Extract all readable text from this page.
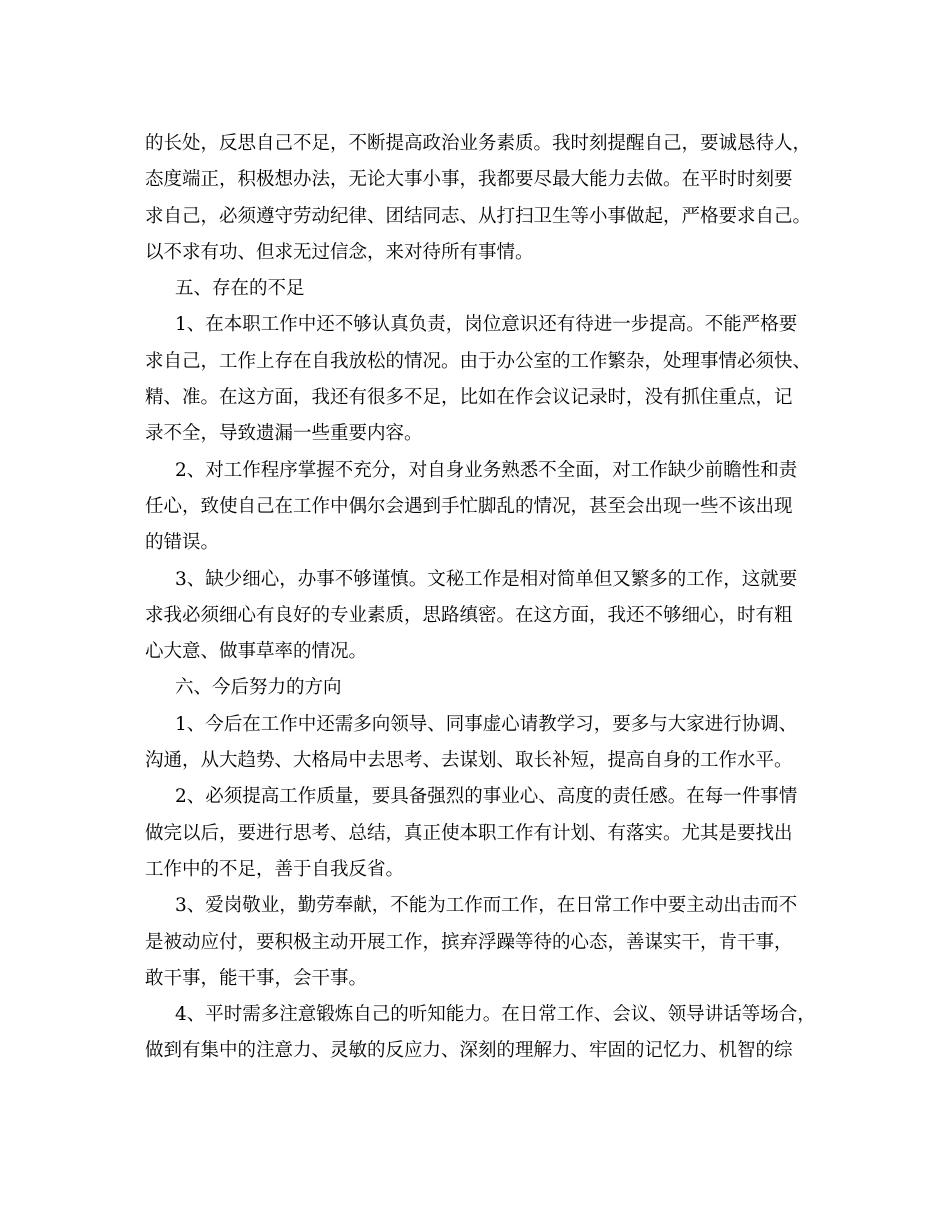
的长处，反思自己不足，不断提高政治业务素质。我时刻提醒自己，要诚恳待人，
态度端正，积极想办法，无论大事小事，我都要尽最大能力去做。在平时时刻要
求自己，必须遵守劳动纪律、团结同志、从打扫卫生等小事做起，严格要求自己。
以不求有功、但求无过信念，来对待所有事情。
五、存在的不足
1、在本职工作中还不够认真负责，岗位意识还有待进一步提高。不能严格要
求自己，工作上存在自我放松的情况。由于办公室的工作繁杂，处理事情必须快、
精、准。在这方面，我还有很多不足，比如在作会议记录时，没有抓住重点，记
录不全，导致遗漏一些重要内容。
2、对工作程序掌握不充分，对自身业务熟悉不全面，对工作缺少前瞻性和责
任心，致使自己在工作中偶尔会遇到手忙脚乱的情况，甚至会出现一些不该出现
的错误。
3、缺少细心，办事不够谨慎。文秘工作是相对简单但又繁多的工作，这就要
求我必须细心有良好的专业素质，思路缜密。在这方面，我还不够细心，时有粗
心大意、做事草率的情况。
六、今后努力的方向
1、今后在工作中还需多向领导、同事虚心请教学习，要多与大家进行协调、
沟通，从大趋势、大格局中去思考、去谋划、取长补短，提高自身的工作水平。
2、必须提高工作质量，要具备强烈的事业心、高度的责任感。在每一件事情
做完以后，要进行思考、总结，真正使本职工作有计划、有落实。尤其是要找出
工作中的不足，善于自我反省。
3、爱岗敬业，勤劳奉献，不能为工作而工作，在日常工作中要主动出击而不
是被动应付，要积极主动开展工作，摈弃浮躁等待的心态，善谋实干，肯干事，
敢干事，能干事，会干事。
4、平时需多注意锻炼自己的听知能力。在日常工作、会议、领导讲话等场合，
做到有集中的注意力、灵敏的反应力、深刻的理解力、牢固的记忆力、机智的综
